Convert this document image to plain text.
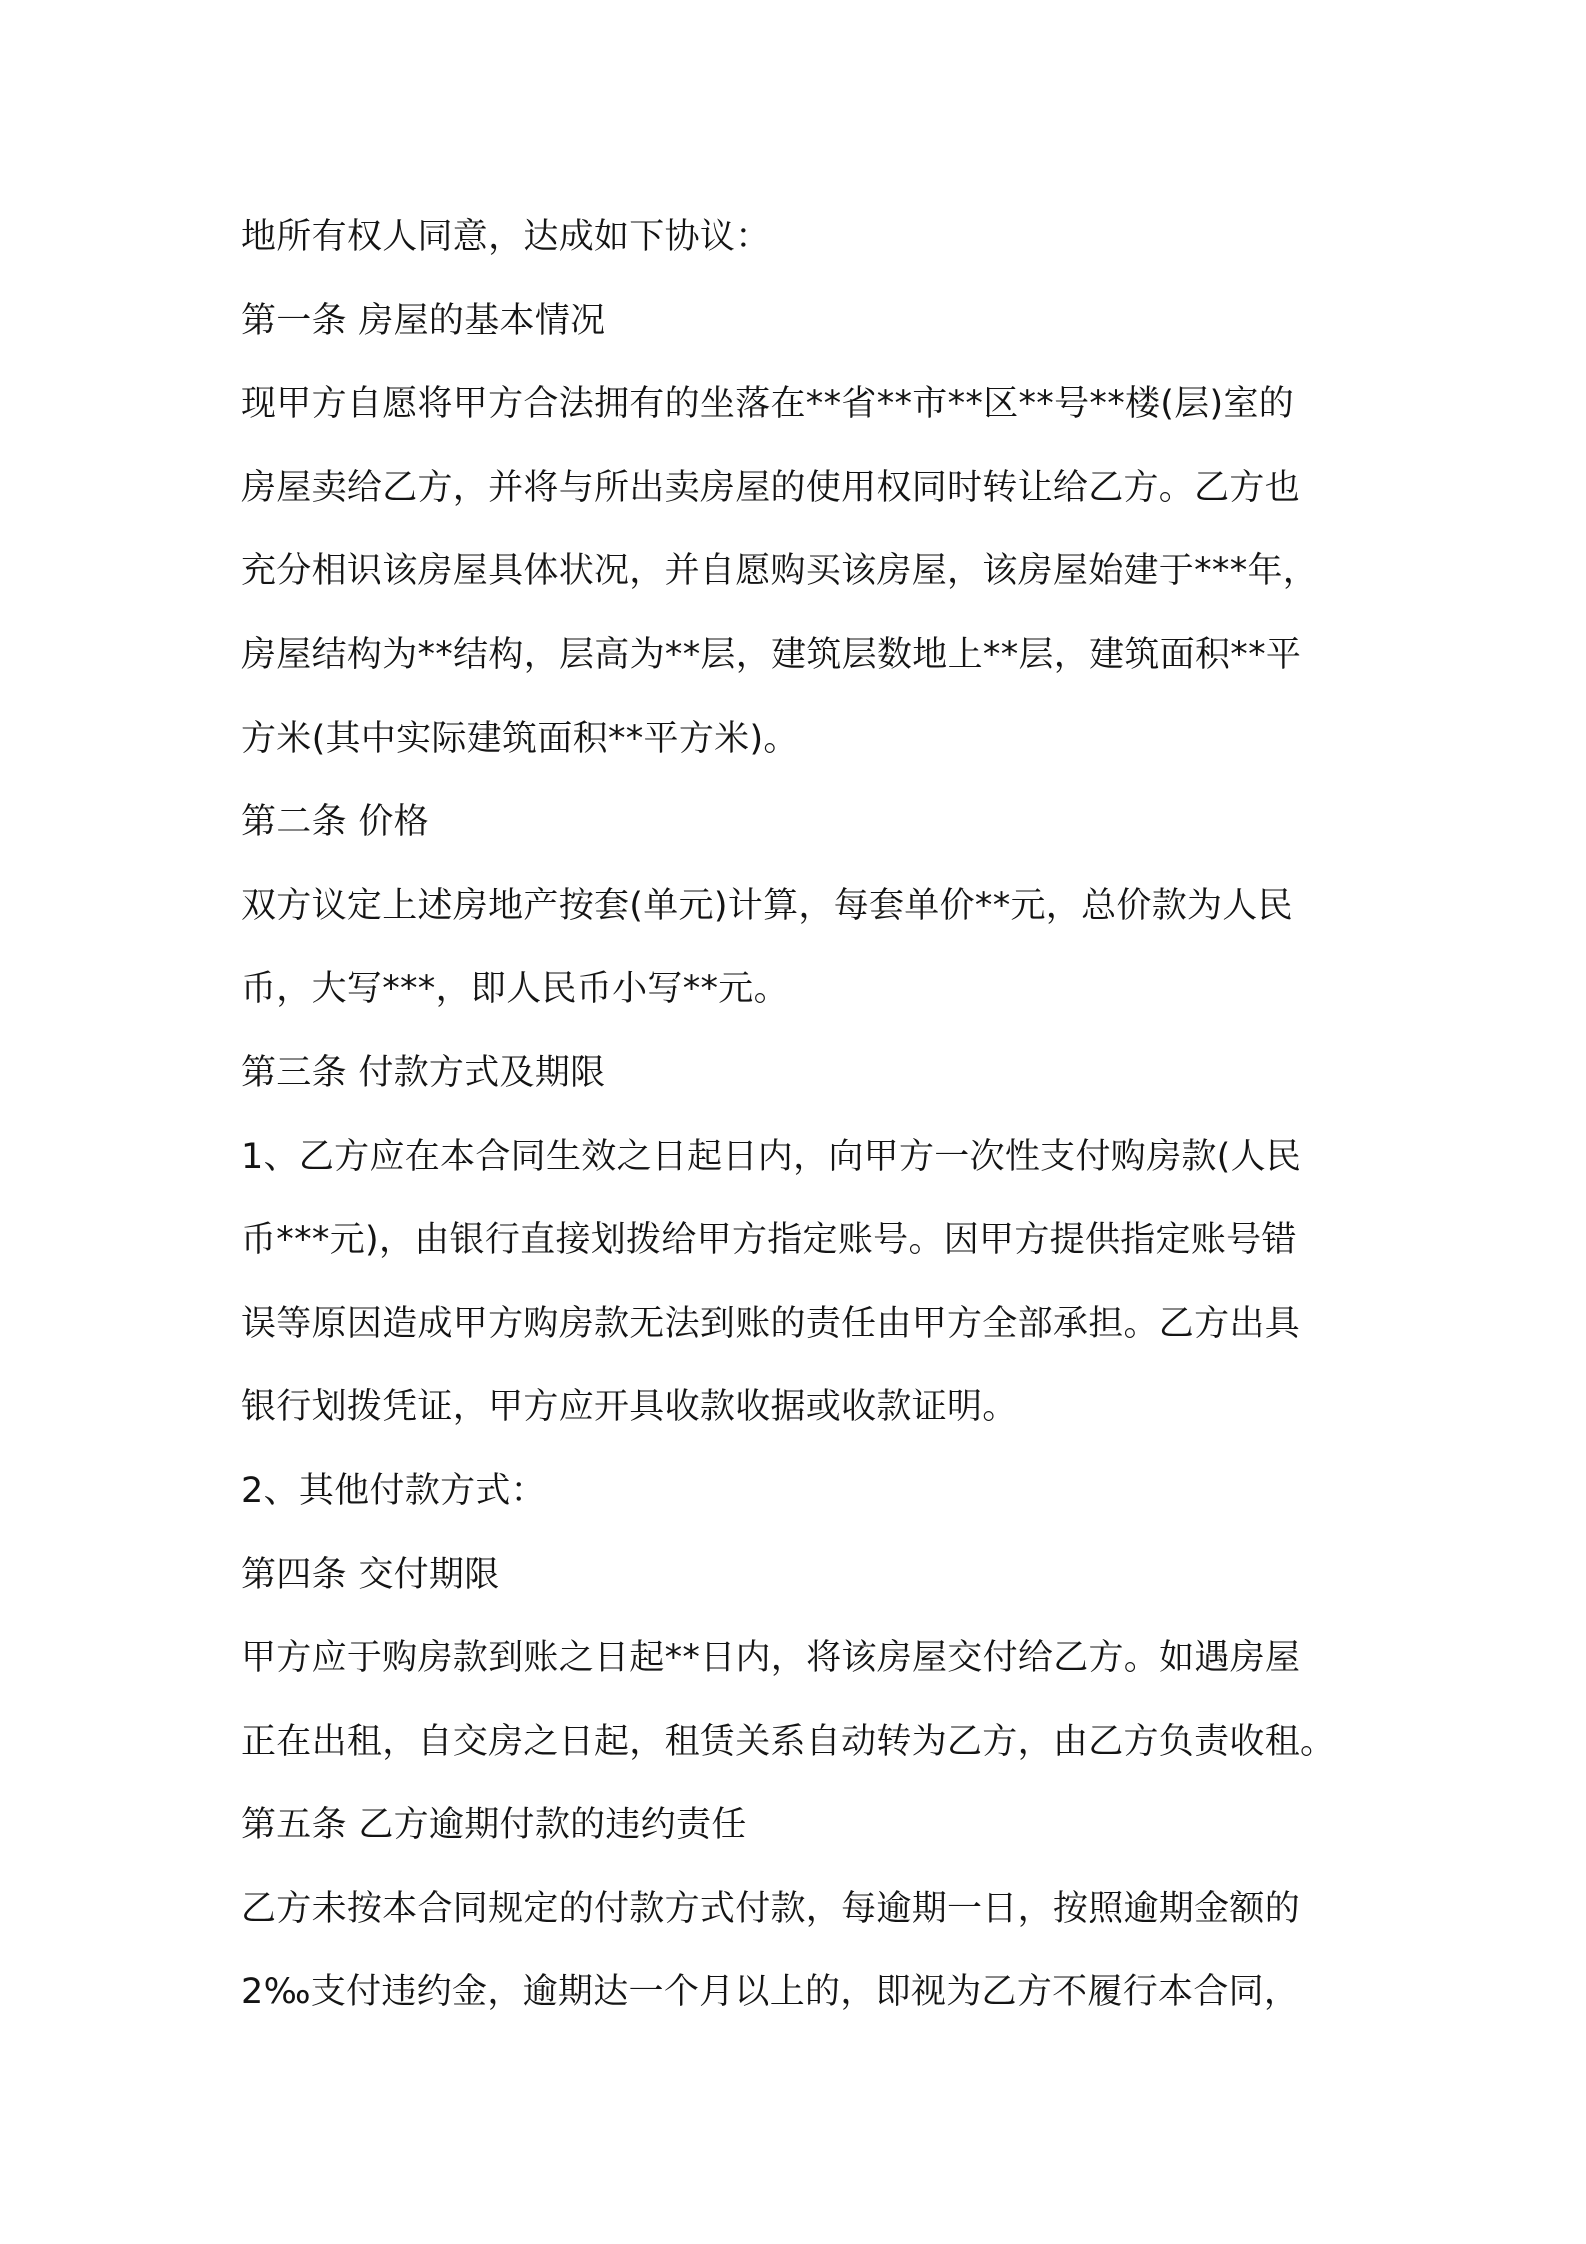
地所有权人同意，达成如下协议：
第一条 房屋的基本情况
现甲方自愿将甲方合法拥有的坐落在**省**市**区**号**楼(层)室的
房屋卖给乙方，并将与所出卖房屋的使用权同时转让给乙方。乙方也
充分相识该房屋具体状况，并自愿购买该房屋，该房屋始建于***年，
房屋结构为**结构，层高为**层，建筑层数地上**层，建筑面积**平
方米(其中实际建筑面积**平方米)。
第二条 价格
双方议定上述房地产按套(单元)计算，每套单价**元，总价款为人民
币，大写***，即人民币小写**元。
第三条 付款方式及期限
1、乙方应在本合同生效之日起日内，向甲方一次性支付购房款(人民
币***元)，由银行直接划拨给甲方指定账号。因甲方提供指定账号错
误等原因造成甲方购房款无法到账的责任由甲方全部承担。乙方出具
银行划拨凭证，甲方应开具收款收据或收款证明。
2、其他付款方式：
第四条 交付期限
甲方应于购房款到账之日起**日内，将该房屋交付给乙方。如遇房屋
正在出租，自交房之日起，租赁关系自动转为乙方，由乙方负责收租。
第五条 乙方逾期付款的违约责任
乙方未按本合同规定的付款方式付款，每逾期一日，按照逾期金额的
2‰支付违约金，逾期达一个月以上的，即视为乙方不履行本合同，
